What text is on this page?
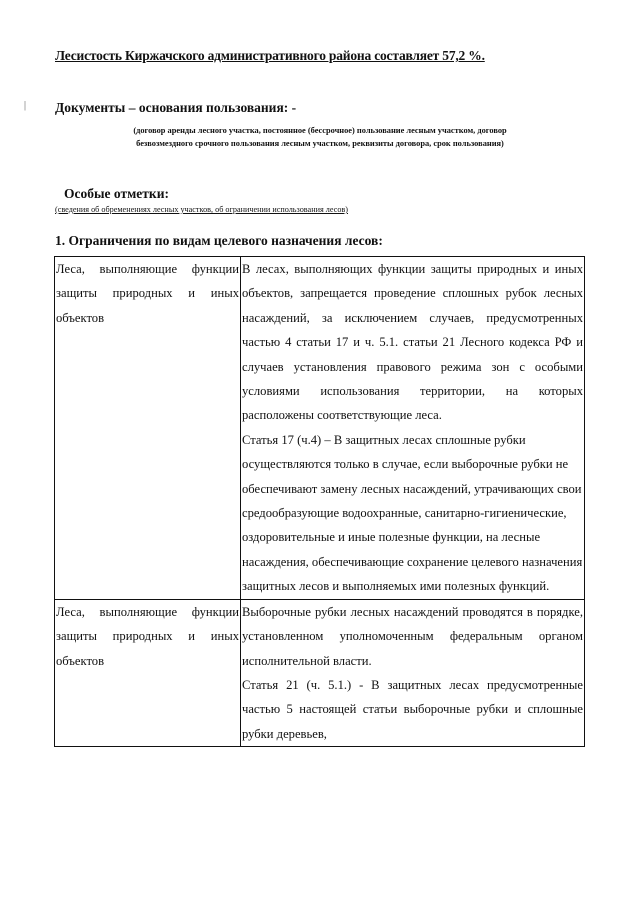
Лесистость Киржачского административного района составляет 57,2 %.
Документы – основания пользования: -
(договор аренды лесного участка, постоянное (бессрочное) пользование лесным участком, договор
безвозмездного срочного пользования лесным участком, реквизиты договора, срок пользования)
Особые отметки:
(сведения об обременениях лесных участков, об ограничении использования лесов)
1. Ограничения по видам целевого назначения лесов:
Леса, выполняющие функции защиты природных и иных объектов	В лесах, выполняющих функции защиты природных и иных объектов, запрещается проведение сплошных рубок лесных насаждений, за исключением случаев, предусмотренных частью 4 статьи 17 и ч. 5.1. статьи 21 Лесного кодекса РФ и случаев установления правового режима зон с особыми условиями использования территории, на которых расположены соответствующие леса.

Статья 17 (ч.4) – В защитных лесах сплошные рубки осуществляются только в случае, если выборочные рубки не обеспечивают замену лесных насаждений, утрачивающих свои средообразующие водоохранные, санитарно-гигиенические, оздоровительные и иные полезные функции, на лесные насаждения, обеспечивающие сохранение целевого назначения защитных лесов и выполняемых ими полезных функций.

Леса, выполняющие функции защиты природных и иных объектов	Выборочные рубки лесных насаждений проводятся в порядке, установленном уполномоченным федеральным органом исполнительной власти.

Статья 21 (ч. 5.1.) - В защитных лесах предусмотренные частью 5 настоящей статьи выборочные рубки и сплошные рубки деревьев,

|
